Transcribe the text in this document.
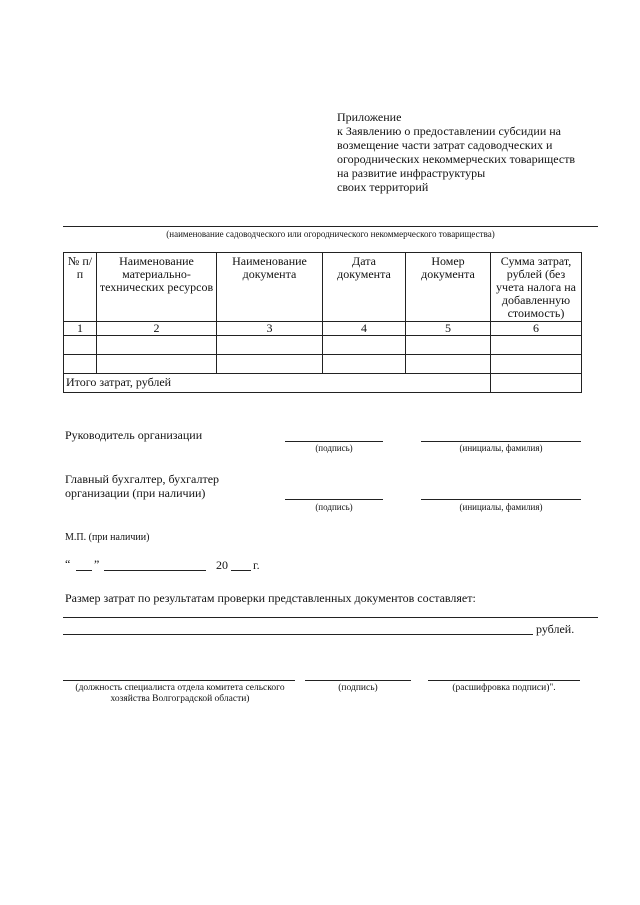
Приложение
к Заявлению о предоставлении субсидии на
возмещение части затрат садоводческих и
огороднических некоммерческих товариществ
на развитие инфраструктуры
своих территорий
(наименование садоводческого или огороднического некоммерческого товарищества)
№ п/п	Наименование материально-технических ресурсов	Наименование документа	Дата документа	Номер документа	Сумма затрат, рублей (без учета налога на добавленную стоимость)
1	2	3	4	5	6

Итого затрат, рублей					
Руководитель организации
(подпись)	(инициалы, фамилия)
Главный бухгалтер, бухгалтер
организации (при наличии)
(подпись)	(инициалы, фамилия)
М.П. (при наличии)
“ ”	20 г.
Размер затрат по результатам проверки представленных документов составляет:
рублей.
(должность специалиста отдела комитета сельского хозяйства Волгоградской области)
(подпись)	(расшифровка подписи)".
